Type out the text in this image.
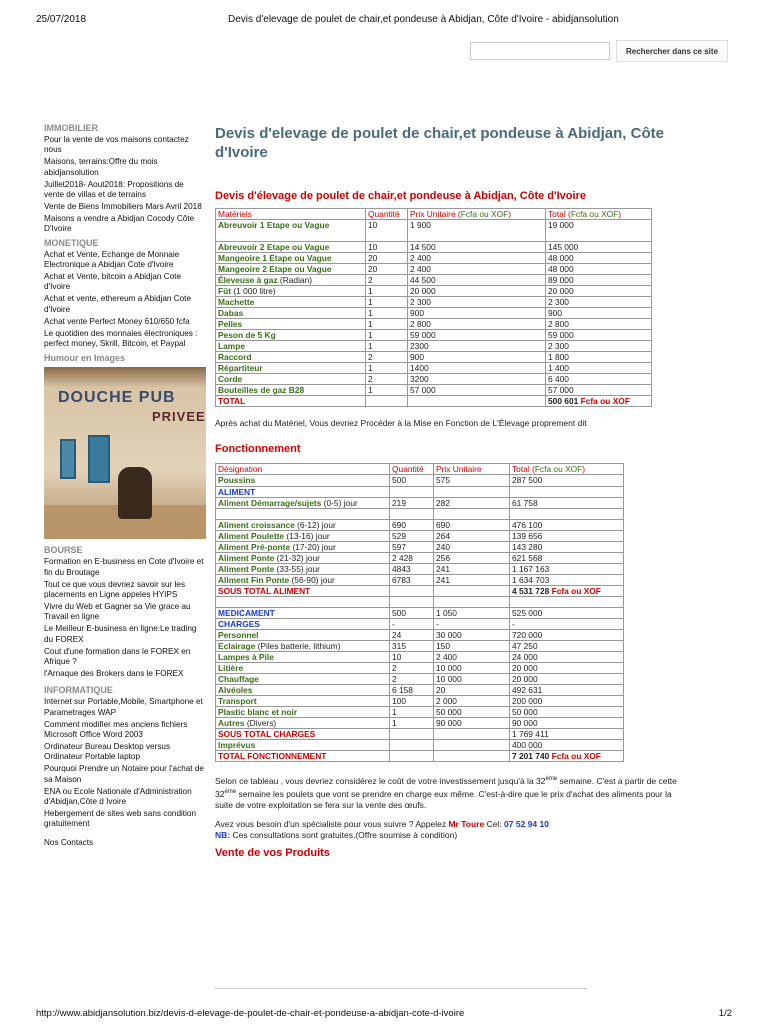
25/07/2018	Devis d'elevage de poulet de chair,et pondeuse à Abidjan, Côte d'Ivoire - abidjansolution
Rechercher dans ce site
IMMOBILIER
Pour la vente de vos maisons contactez nous
Maisons, terrains:Offre du mois abidjansolution
Juillet2018- Aout2018: Propositions de vente de villas et de terrains
Vente de Biens Immobiliers Mars Avril 2018
Maisons a vendre a Abidjan Cocody Côte D'Ivoire
MONETIQUE
Achat et Vente, Echange de Monnaie Electronique a Abidjan Cote d'Ivoire
Achat et Vente, bitcoin a Abidjan Cote d'Ivoire
Achat et vente, ethereum a Abidjan Cote d'Ivoire
Achat vente Perfect Money 610/650 fcfa
Le quotidien des monnaies électroniques : perfect money, Skrill, Bitcoin, et Paypal
Humour en Images
DOUCHE PUB
PRIVEE
BOURSE
Formation en E-business en Cote d'Ivoire et fin du Broutage
Tout ce que vous devriez savoir sur les placements en Ligne appeles HYIPS
Vivre du Web et Gagner sa Vie grace au Travail en ligne
Le Meilleur E-business en ligne:Le trading du FOREX
Cout d'une formation dans le FOREX en Afrique ?
l'Arnaque des Brokers dans le FOREX
INFORMATIQUE
Internet sur Portable,Mobile, Smartphone et Parametrages WAP
Comment modifier mes anciens fichiers Microsoft Office Word 2003
Ordinateur Bureau Desktop versus Ordinateur Portable laptop
Pourquoi Prendre un Notaire pour l'achat de sa Maison
ENA ou Ecole Nationale d'Administration d'Abidjan,Côte d Ivoire
Hebergement de sites web sans condition gratuitement
Nos Contacts
Devis d'elevage de poulet de chair,et pondeuse à Abidjan, Côte d'Ivoire
Devis d'élevage de poulet de chair,et pondeuse à Abidjan, Côte d'Ivoire
Matériels	Quantité	Prix Unitaire (Fcfa ou XOF)	Total (Fcfa ou XOF)
Abreuvoir 1 Etape ou Vague	10	1 900	19 000
Abreuvoir 2 Etape ou Vague	10	14 500	145 000
Mangeoire 1 Etape ou Vague	20	2 400	48 000
Mangeoire 2 Etape ou Vague	20	2 400	48 000
Éleveuse à gaz (Radian)	2	44 500	89 000
Fût (1 000 litre)	1	20 000	20 000
Machette	1	2 300	2 300
Dabas	1	900	900
Pelles	1	2 800	2 800
Peson de 5 Kg	1	59 000	59 000
Lampe	1	2300	2 300
Raccord	2	900	1 800
Répartiteur	1	1400	1 400
Corde	2	3200	6 400
Bouteilles de gaz B28	1	57 000	57 000
TOTAL			500 601 Fcfa ou XOF
Après achat du Matériel, Vous devriez Procéder à la Mise en Fonction de L'Élevage proprement dit
Fonctionnement
Désignation	Quantité	Prix Unitaire	Total (Fcfa ou XOF)
Poussins	500	575	287 500
ALIMENT			
Aliment Démarrage/sujets (0-5) jour	219	282	61 758

Aliment croissance (6-12) jour	690	690	476 100
Aliment Poulette (13-16) jour	529	264	139 656
Aliment Pré-ponte (17-20) jour	597	240	143 280
Aliment Ponte (21-32) jour	2 428	256	621 568
Aliment Ponte (33-55) jour	4843	241	1 167 163
Aliment Fin Ponte (56-90) jour	6783	241	1 634 703
SOUS TOTAL ALIMENT			4 531 728 Fcfa ou XOF

MEDICAMENT	500	1 050	525 000
CHARGES	-	-	-
Personnel	24	30 000	720 000
Eclairage (Piles batterie, lithium)	315	150	47 250
Lampes à Pile	10	2 400	24 000
Litière	2	10 000	20 000
Chauffage	2	10 000	20 000
Alvéoles	6 158	20	492 631
Transport	100	2 000	200 000
Plastic blanc et noir	1	50 000	50 000
Autres (Divers)	1	90 000	90 000
SOUS TOTAL CHARGES			1 769 411
Imprévus			400 000
TOTAL FONCTIONNEMENT			7 201 740 Fcfa ou XOF
Selon ce tableau , vous devriez considérez le coût de votre investissement jusqu'à la 32ème semaine. C'est a partir de cette 32ème semaine les poulets que vont se prendre en charge eux même. C'est-à-dire que le prix d'achat des aliments pour la suite de votre exploitation se fera sur la vente des œufs.
Avez vous besoin d'un spécialiste pour vous suivre ? Appelez Mr Toure Cel: 07 52 94 10
NB: Ces consultations sont gratuites.(Offre soumise à condition)
Vente de vos Produits
http://www.abidjansolution.biz/devis-d-elevage-de-poulet-de-chair-et-pondeuse-a-abidjan-cote-d-ivoire	1/2
